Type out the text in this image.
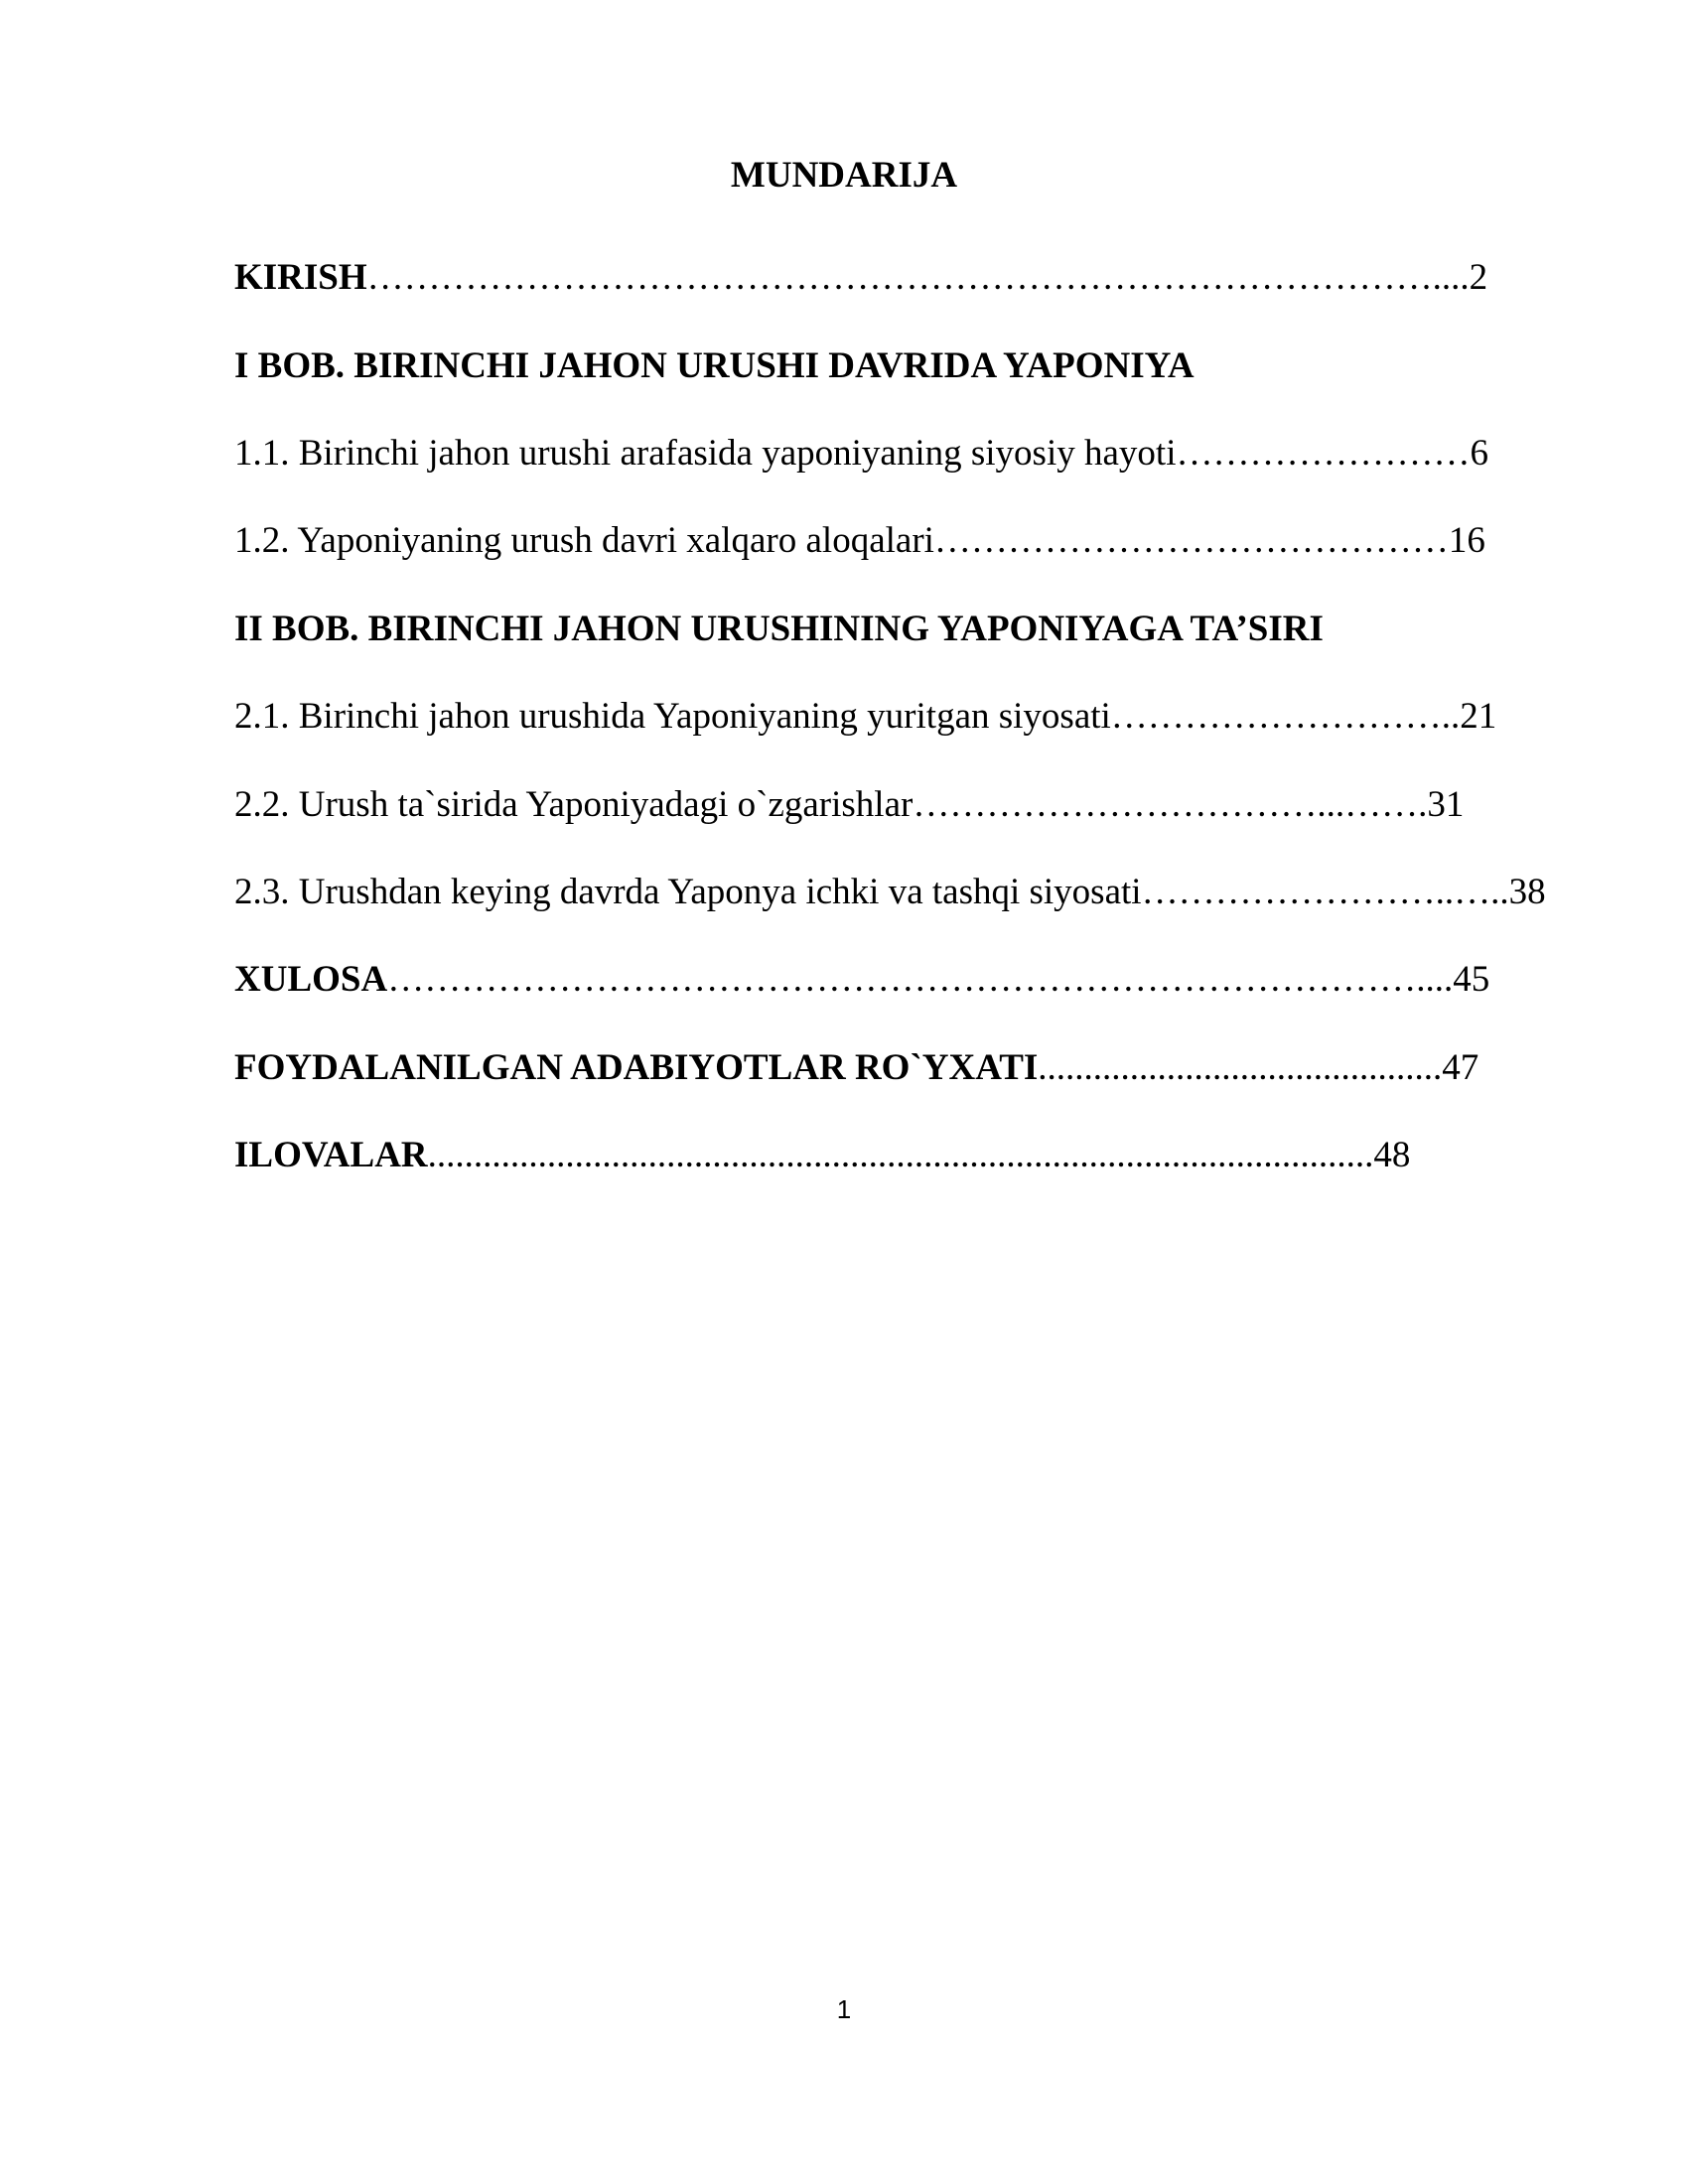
MUNDARIJA
KIRISH……………………………………………………………………………....2
I BOB. BIRINCHI JAHON URUSHI DAVRIDA YAPONIYA
1.1. Birinchi jahon urushi arafasida yaponiyaning siyosiy hayoti……………………6
1.2. Yaponiyaning urush davri xalqaro aloqalari……………………………………16
II BOB. BIRINCHI JAHON URUSHINING YAPONIYAGA TA’SIRI
2.1. Birinchi jahon urushida Yaponiyaning yuritgan siyosati………………………..21
2.2. Urush ta`sirida Yaponiyadagi o`zgarishlar……………………………...…….31
2.3. Urushdan keying davrda Yaponya ichki va tashqi siyosati……………………..…..38
XULOSA…………………………………………………………………………....45
FOYDALANILGAN ADABIYOTLAR RO`YXATI............................................47
ILOVALAR.......................................................................................................48
1
